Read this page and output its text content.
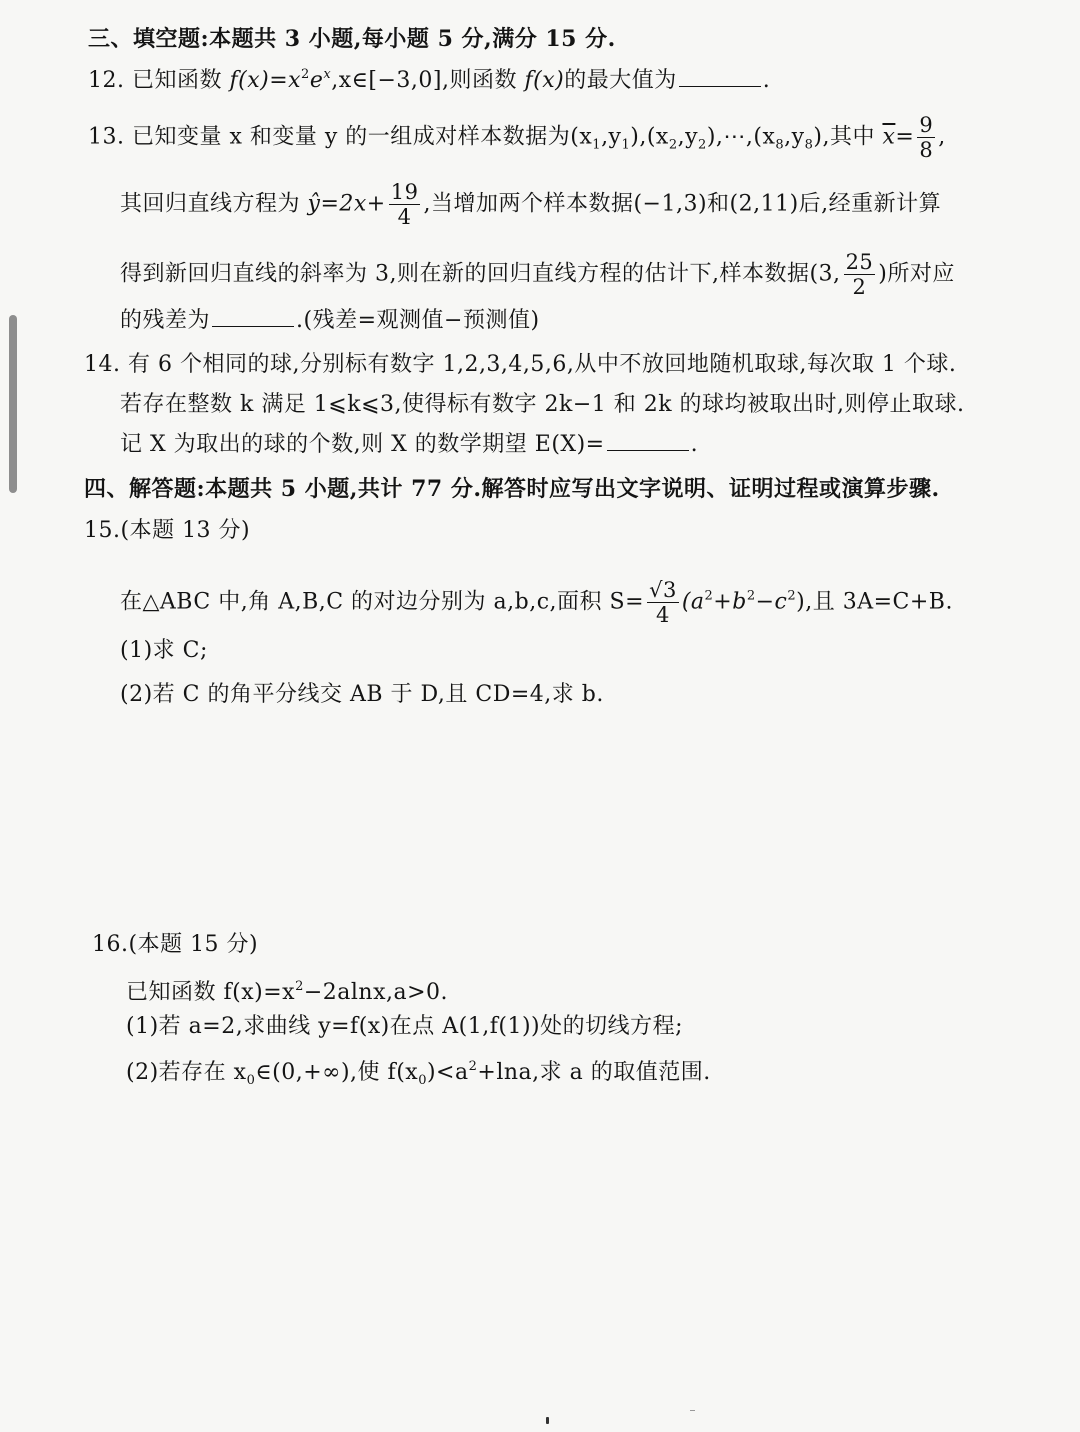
三、填空题:本题共 3 小题,每小题 5 分,满分 15 分.
12. 已知函数 $f(x)=x^2e^x,x\in[-3,0]$,则函数 f(x)的最大值为	.
13. 已知变量 x 和变量 y 的一组成对样本数据为$(x_1,y_1),(x_2,y_2),\cdots,(x_8,y_8)$,其中 $\overline{x}= \frac{9}{8}$ ,
其回归直线方程为 ŷ=2x+ $\frac{19}{4}$ ,当增加两个样本数据(−1,3)和(2,11)后,经重新计算
得到新回归直线的斜率为 3,则在新的回归直线方程的估计下,样本数据(3, $\frac{25}{2}$ )所对应
的残差为	.(残差=观测值−预测值)
14. 有 6 个相同的球,分别标有数字 1,2,3,4,5,6,从中不放回地随机取球,每次取 1 个球.
若存在整数 k 满足 1⩽k⩽3,使得标有数字 2k−1 和 2k 的球均被取出时,则停止取球.
记 X 为取出的球的个数,则 X 的数学期望 E(X)=	.
四、解答题:本题共 5 小题,共计 77 分.解答时应写出文字说明、证明过程或演算步骤.
15.(本题 13 分)
在△ABC 中,角 A,B,C 的对边分别为 a,b,c,面积 $S= \frac{√3}{4} (a^2+b^2-c^2)$,且 3A=C+B.
(1)求 C;
(2)若 C 的角平分线交 AB 于 D,且 CD=4,求 b.
16.(本题 15 分)
已知函数 $f(x)=x^2-2alnx,a>0$.
(1)若 a=2,求曲线 y=f(x)在点 A(1,f(1))处的切线方程;
(2)若存在 $x_0\in(0,+\infty)$,使 $f(x_0)<a^2+\ln a$,求 a 的取值范围.
